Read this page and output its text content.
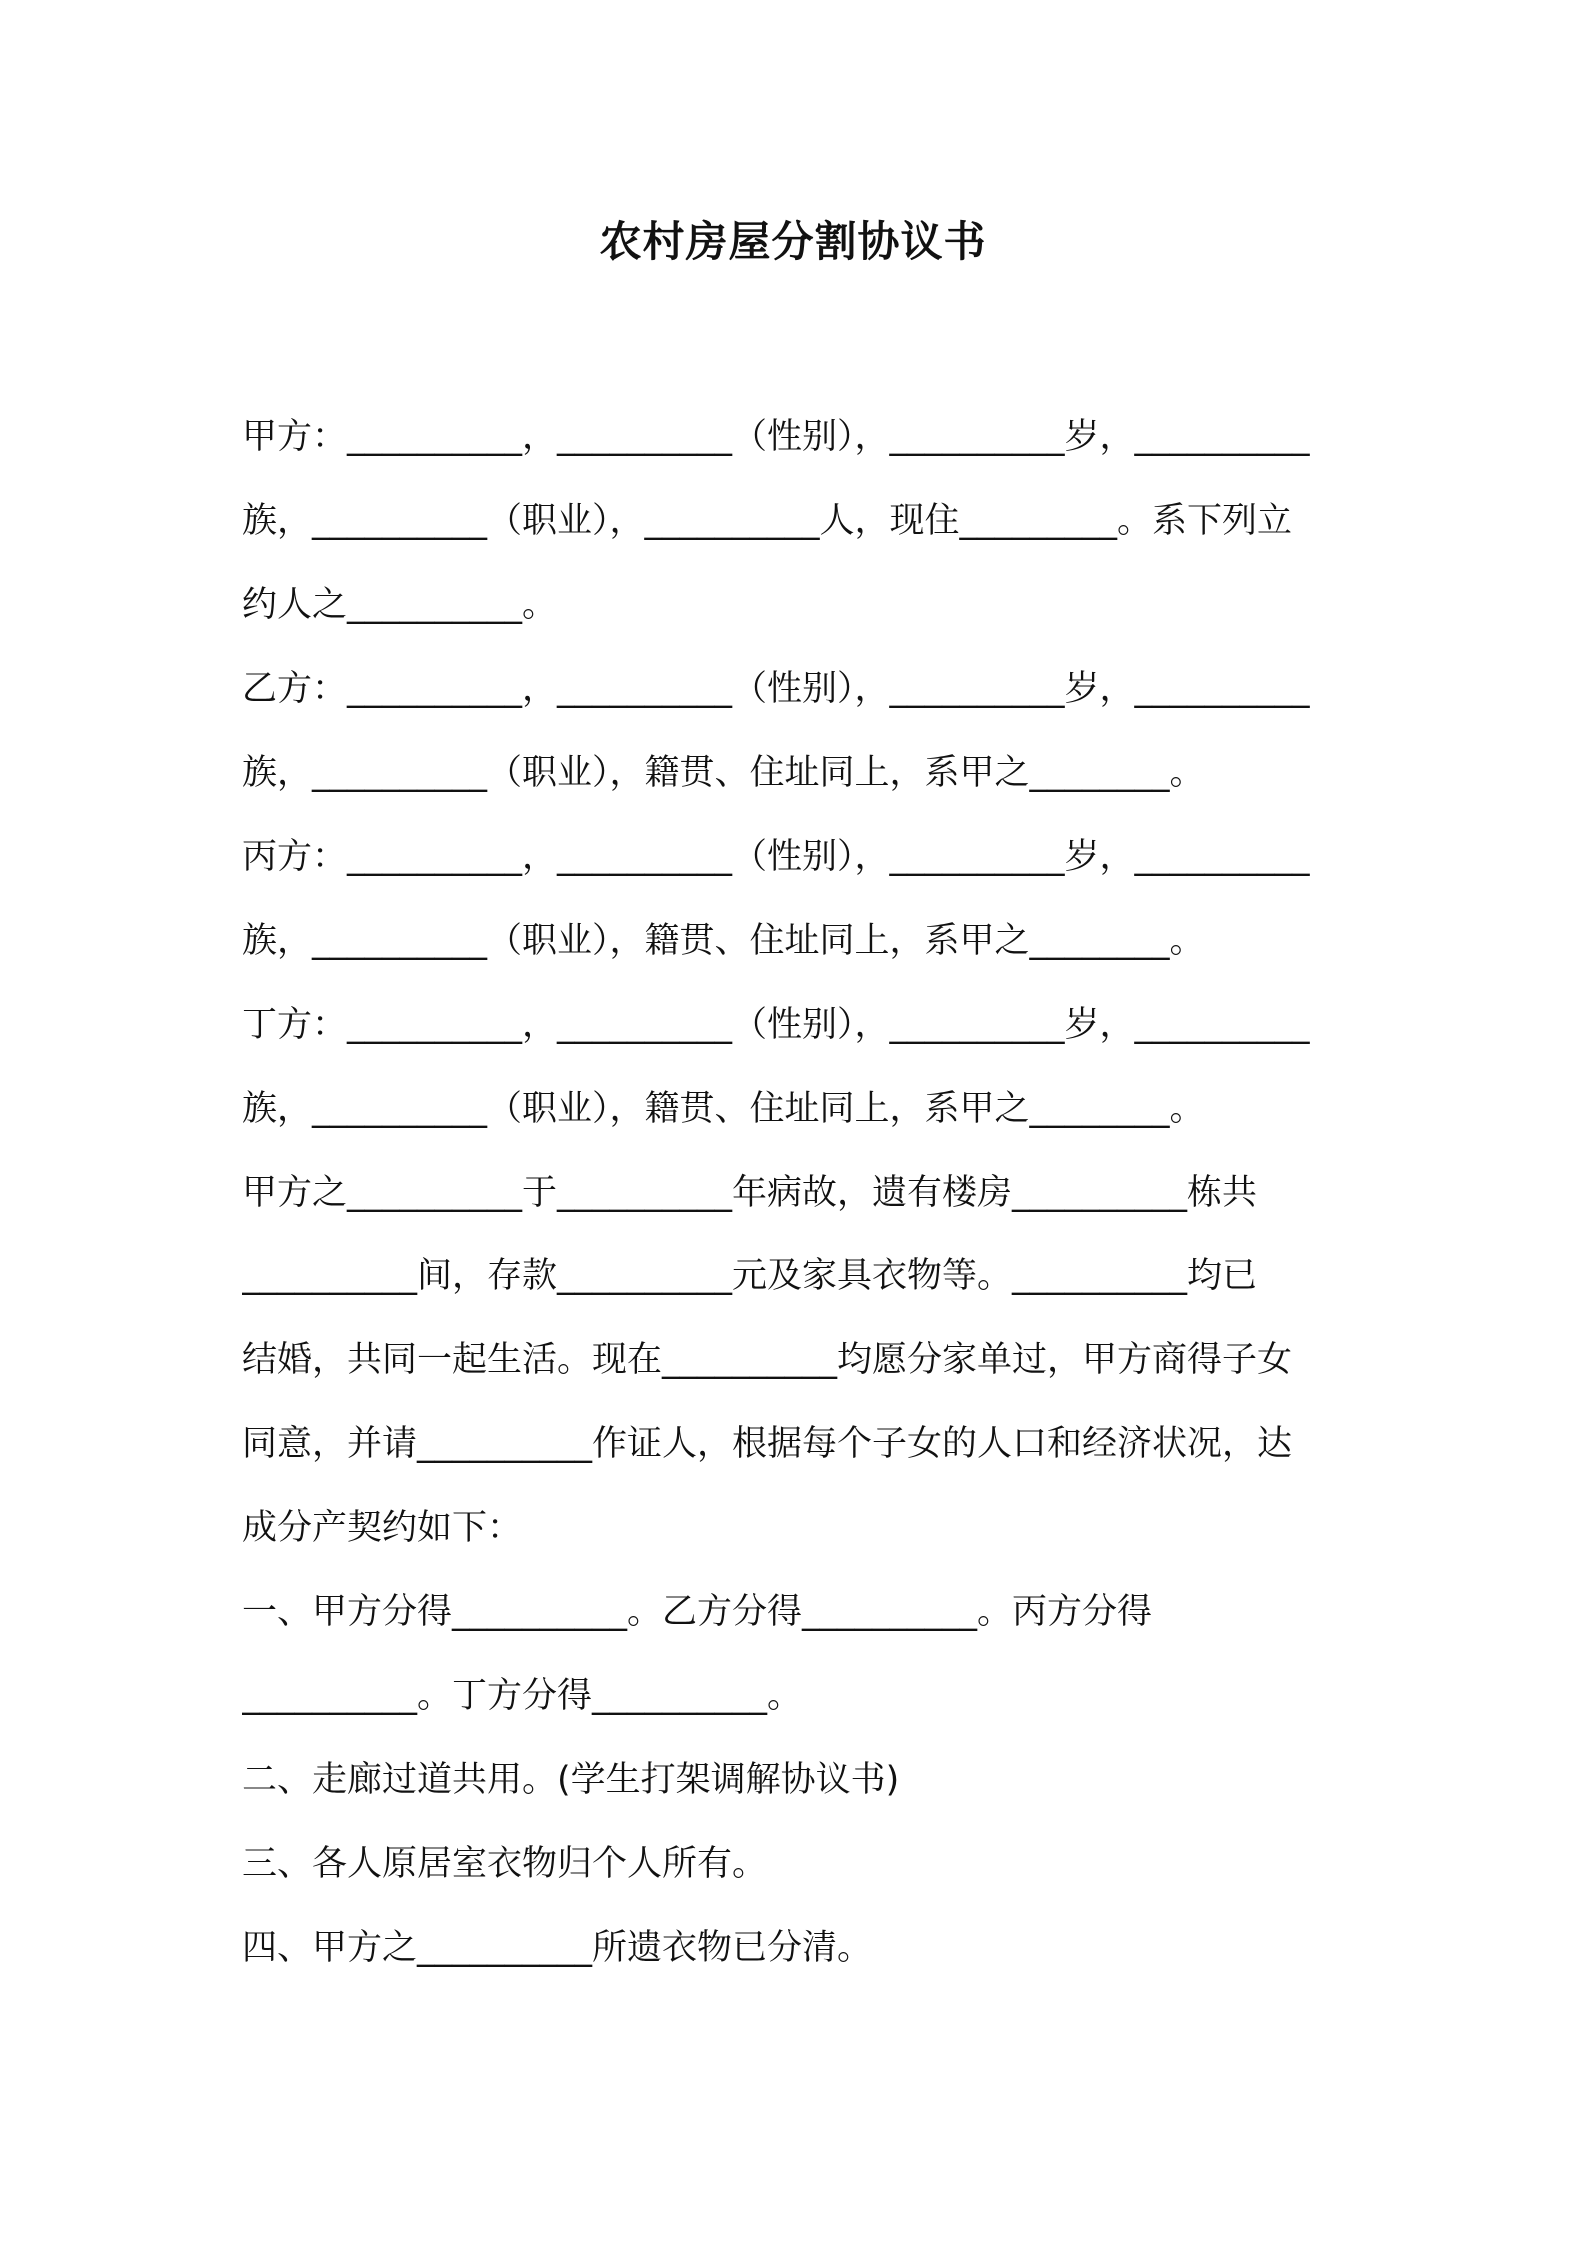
农村房屋分割协议书
甲方：__________，__________（性别），__________岁，__________
族，__________（职业），__________人，现住_________。系下列立
约人之__________。
乙方：__________，__________（性别），__________岁，__________
族，__________（职业），籍贯、住址同上，系甲之________。
丙方：__________，__________（性别），__________岁，__________
族，__________（职业），籍贯、住址同上，系甲之________。
丁方：__________，__________（性别），__________岁，__________
族，__________（职业），籍贯、住址同上，系甲之________。
甲方之__________于__________年病故，遗有楼房__________栋共
__________间，存款__________元及家具衣物等。__________均已
结婚，共同一起生活。现在__________均愿分家单过，甲方商得子女
同意，并请__________作证人，根据每个子女的人口和经济状况，达
成分产契约如下：
一、甲方分得__________。乙方分得__________。丙方分得
__________。丁方分得__________。
二、走廊过道共用。(学生打架调解协议书)
三、各人原居室衣物归个人所有。
四、甲方之__________所遗衣物已分清。
